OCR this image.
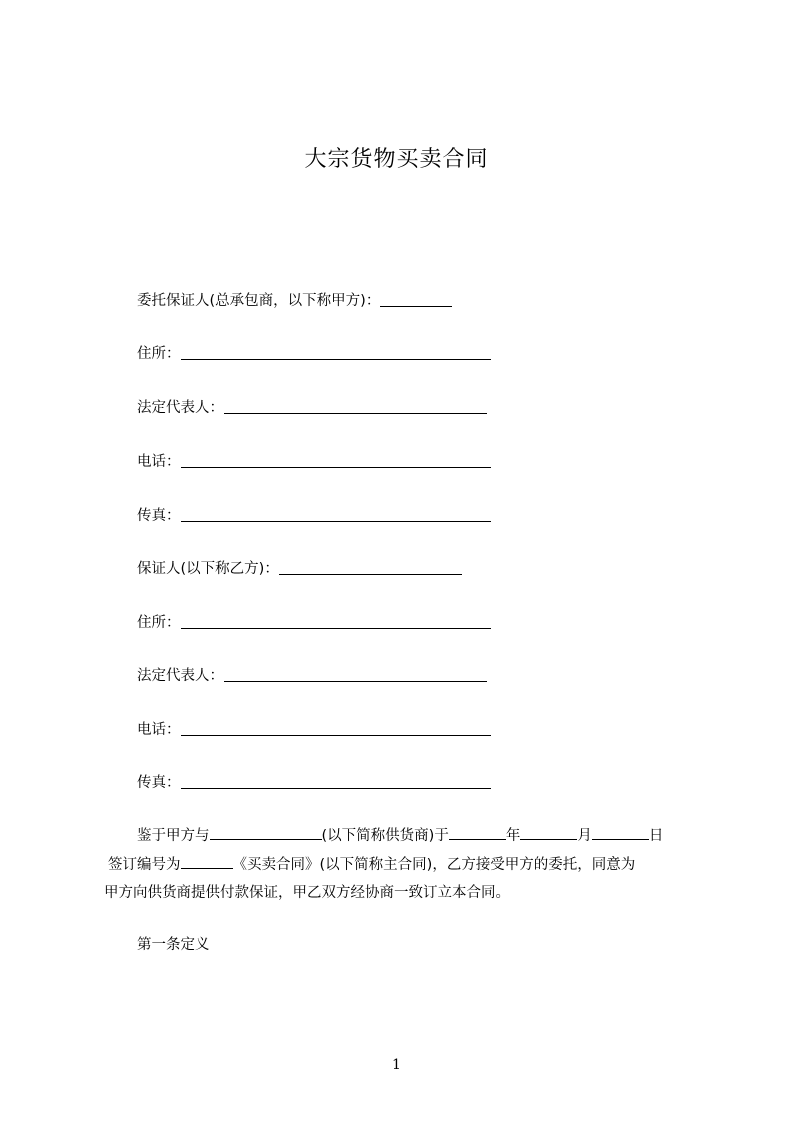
大宗货物买卖合同
委托保证人(总承包商，以下称甲方)：
住所：
法定代表人：
电话：
传真：
保证人(以下称乙方)：
住所：
法定代表人：
电话：
传真：
鉴于甲方与	(以下简称供货商)于	年	月	日
签订编号为	《买卖合同》(以下简称主合同)，乙方接受甲方的委托，同意为
甲方向供货商提供付款保证，甲乙双方经协商一致订立本合同。
第一条定义
1
